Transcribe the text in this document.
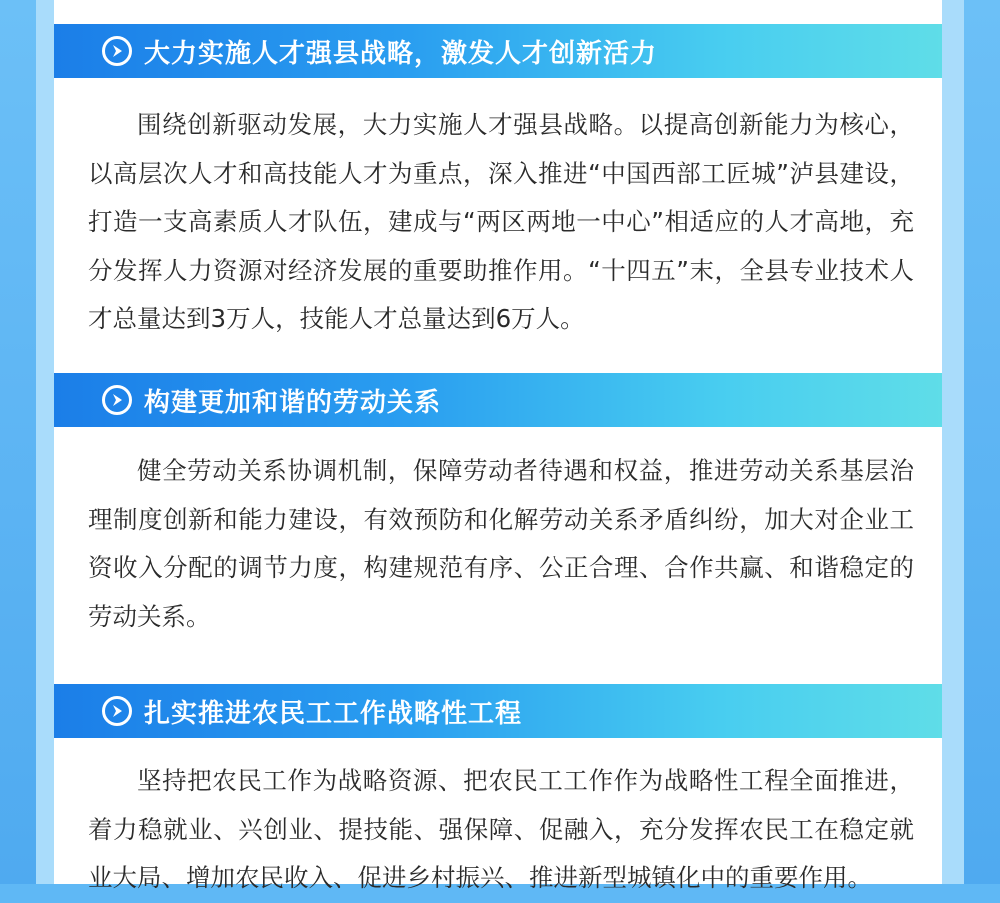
大力实施人才强县战略，激发人才创新活力

围绕创新驱动发展，大力实施人才强县战略。以提高创新能力为核心，以高层次人才和高技能人才为重点，深入推进“中国西部工匠城”泸县建设，打造一支高素质人才队伍，建成与“两区两地一中心”相适应的人才高地，充分发挥人力资源对经济发展的重要助推作用。“十四五”末，全县专业技术人才总量达到3万人，技能人才总量达到6万人。

构建更加和谐的劳动关系

健全劳动关系协调机制，保障劳动者待遇和权益，推进劳动关系基层治理制度创新和能力建设，有效预防和化解劳动关系矛盾纠纷，加大对企业工资收入分配的调节力度，构建规范有序、公正合理、合作共赢、和谐稳定的劳动关系。

扎实推进农民工工作战略性工程

坚持把农民工作为战略资源、把农民工工作作为战略性工程全面推进，着力稳就业、兴创业、提技能、强保障、促融入，充分发挥农民工在稳定就业大局、增加农民收入、促进乡村振兴、推进新型城镇化中的重要作用。
